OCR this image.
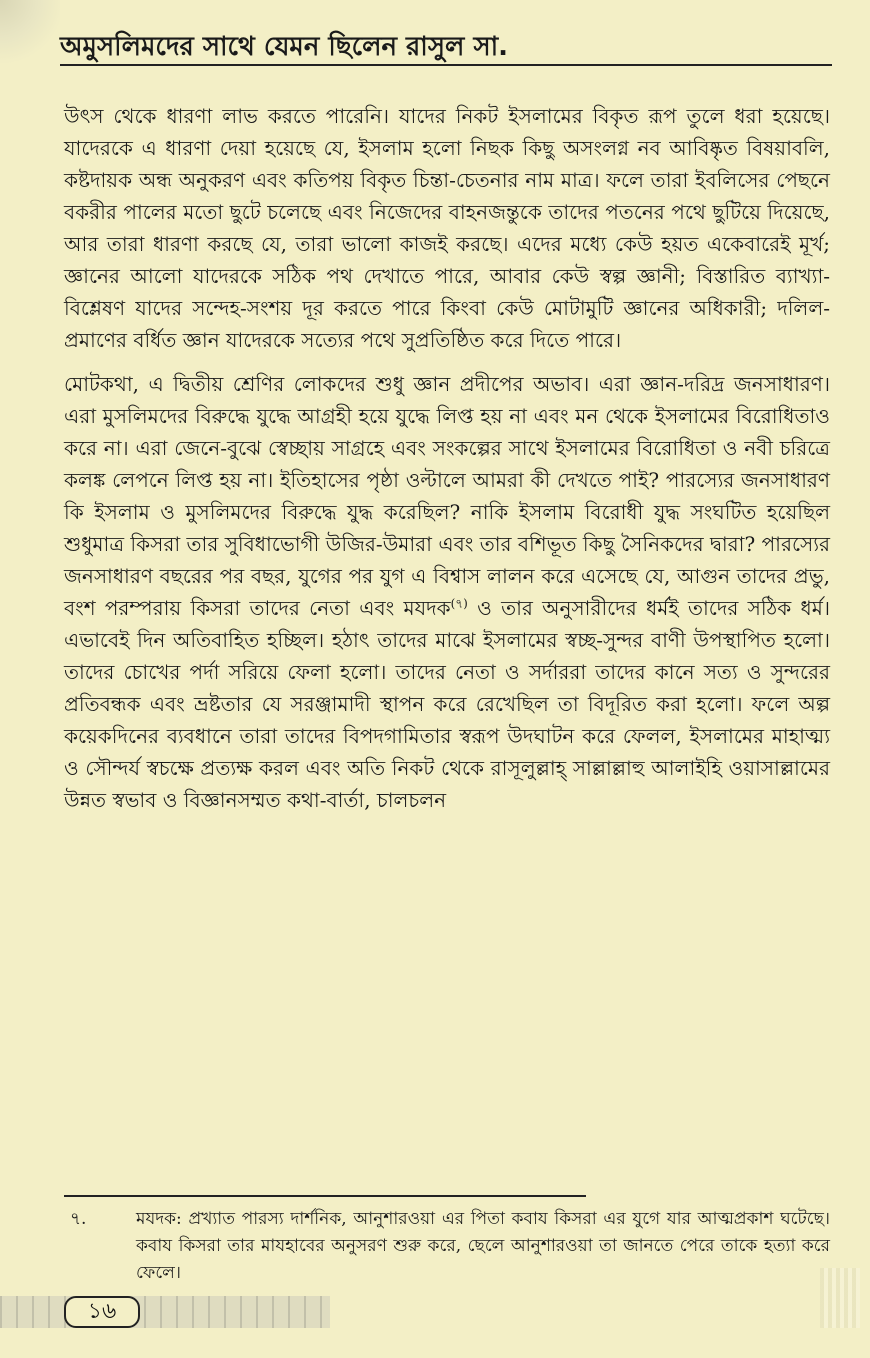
অমুসলিমদের সাথে যেমন ছিলেন রাসুল সা.

উৎস থেকে ধারণা লাভ করতে পারেনি। যাদের নিকট ইসলামের বিকৃত রূপ তুলে ধরা হয়েছে। যাদেরকে এ ধারণা দেয়া হয়েছে যে, ইসলাম হলো নিছক কিছু অসংলগ্ন নব আবিষ্কৃত বিষয়াবলি, কষ্টদায়ক অন্ধ অনুকরণ এবং কতিপয় বিকৃত চিন্তা-চেতনার নাম মাত্র। ফলে তারা ইবলিসের পেছনে বকরীর পালের মতো ছুটে চলেছে এবং নিজেদের বাহনজন্তুকে তাদের পতনের পথে ছুটিয়ে দিয়েছে, আর তারা ধারণা করছে যে, তারা ভালো কাজই করছে। এদের মধ্যে কেউ হয়ত একেবারেই মূর্খ; জ্ঞানের আলো যাদেরকে সঠিক পথ দেখাতে পারে, আবার কেউ স্বল্প জ্ঞানী; বিস্তারিত ব্যাখ্যা-বিশ্লেষণ যাদের সন্দেহ-সংশয় দূর করতে পারে কিংবা কেউ মোটামুটি জ্ঞানের অধিকারী; দলিল-প্রমাণের বর্ধিত জ্ঞান যাদেরকে সত্যের পথে সুপ্রতিষ্ঠিত করে দিতে পারে।

মোটকথা, এ দ্বিতীয় শ্রেণির লোকদের শুধু জ্ঞান প্রদীপের অভাব। এরা জ্ঞান-দরিদ্র জনসাধারণ। এরা মুসলিমদের বিরুদ্ধে যুদ্ধে আগ্রহী হয়ে যুদ্ধে লিপ্ত হয় না এবং মন থেকে ইসলামের বিরোধিতাও করে না। এরা জেনে-বুঝে স্বেচ্ছায় সাগ্রহে এবং সংকল্পের সাথে ইসলামের বিরোধিতা ও নবী চরিত্রে কলঙ্ক লেপনে লিপ্ত হয় না। ইতিহাসের পৃষ্ঠা ওল্টালে আমরা কী দেখতে পাই? পারস্যের জনসাধারণ কি ইসলাম ও মুসলিমদের বিরুদ্ধে যুদ্ধ করেছিল? নাকি ইসলাম বিরোধী যুদ্ধ সংঘটিত হয়েছিল শুধুমাত্র কিসরা তার সুবিধাভোগী উজির-উমারা এবং তার বশিভূত কিছু সৈনিকদের দ্বারা? পারস্যের জনসাধারণ বছরের পর বছর, যুগের পর যুগ এ বিশ্বাস লালন করে এসেছে যে, আগুন তাদের প্রভু, বংশ পরম্পরায় কিসরা তাদের নেতা এবং মযদক$^{(৭)}$ ও তার অনুসারীদের ধর্মই তাদের সঠিক ধর্ম। এভাবেই দিন অতিবাহিত হচ্ছিল। হঠাৎ তাদের মাঝে ইসলামের স্বচ্ছ-সুন্দর বাণী উপস্থাপিত হলো। তাদের চোখের পর্দা সরিয়ে ফেলা হলো। তাদের নেতা ও সর্দাররা তাদের কানে সত্য ও সুন্দরের প্রতিবন্ধক এবং ভ্রষ্টতার যে সরঞ্জামাদী স্থাপন করে রেখেছিল তা বিদূরিত করা হলো। ফলে অল্প কয়েকদিনের ব্যবধানে তারা তাদের বিপদগামিতার স্বরূপ উদঘাটন করে ফেলল, ইসলামের মাহাত্ম্য ও সৌন্দর্য স্বচক্ষে প্রত্যক্ষ করল এবং অতি নিকট থেকে রাসূলুল্লাহ্ সাল্লাল্লাহু আলাইহি ওয়াসাল্লামের উন্নত স্বভাব ও বিজ্ঞানসম্মত কথা-বার্তা, চালচলন

৭.	মযদক: প্রখ্যাত পারস্য দার্শনিক, আনুশারওয়া এর পিতা কবায কিসরা এর যুগে যার আত্মপ্রকাশ ঘটেছে। কবায কিসরা তার মাযহাবের অনুসরণ শুরু করে, ছেলে আনুশারওয়া তা জানতে পেরে তাকে হত্যা করে ফেলে।
১৬
